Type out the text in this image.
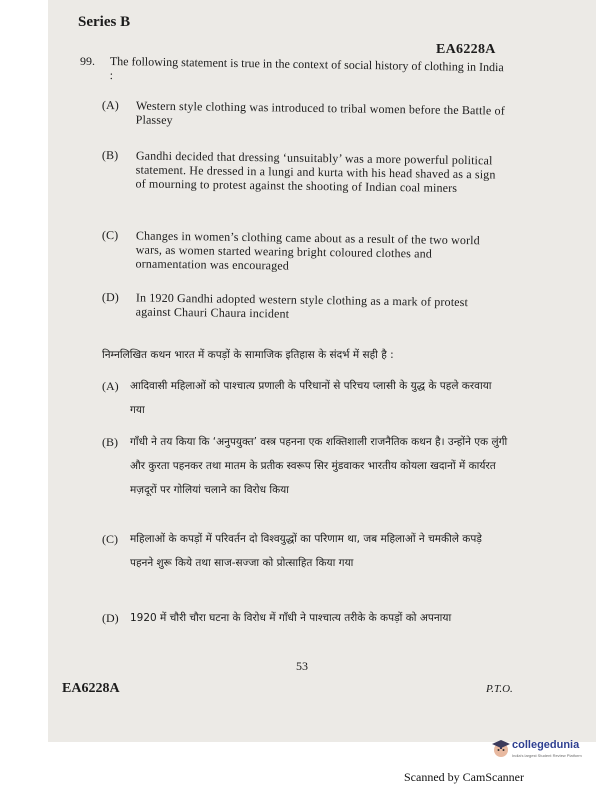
Series B
EA6228A
99. The following statement is true in the context of social history of clothing in India :
(A) Western style clothing was introduced to tribal women before the Battle of Plassey
(B) Gandhi decided that dressing ‘unsuitably’ was a more powerful political statement. He dressed in a lungi and kurta with his head shaved as a sign of mourning to protest against the shooting of Indian coal miners
(C) Changes in women’s clothing came about as a result of the two world wars, as women started wearing bright coloured clothes and ornamentation was encouraged
(D) In 1920 Gandhi adopted western style clothing as a mark of protest against Chauri Chaura incident
निम्नलिखित कथन भारत में कपड़ों के सामाजिक इतिहास के संदर्भ में सही है :
(A) आदिवासी महिलाओं को पाश्चात्य प्रणाली के परिधानों से परिचय प्लासी के युद्ध के पहले करवाया गया
(B) गाँधी ने तय किया कि ‘अनुपयुक्त’ वस्त्र पहनना एक शक्तिशाली राजनैतिक कथन है। उन्होंने एक लुंगी और कुरता पहनकर तथा मातम के प्रतीक स्वरूप सिर मुंडवाकर भारतीय कोयला खदानों में कार्यरत मज़दूरों पर गोलियां चलाने का विरोध किया
(C) महिलाओं के कपड़ों में परिवर्तन दो विश्वयुद्धों का परिणाम था, जब महिलाओं ने चमकीले कपड़े पहनने शुरू किये तथा साज-सज्जा को प्रोत्साहित किया गया
(D) 1920 में चौरी चौरा घटना के विरोध में गाँधी ने पाश्चात्य तरीके के कपड़ों को अपनाया
53
EA6228A	P.T.O.
collegedunia
India's largest Student Review Platform
Scanned by CamScanner
